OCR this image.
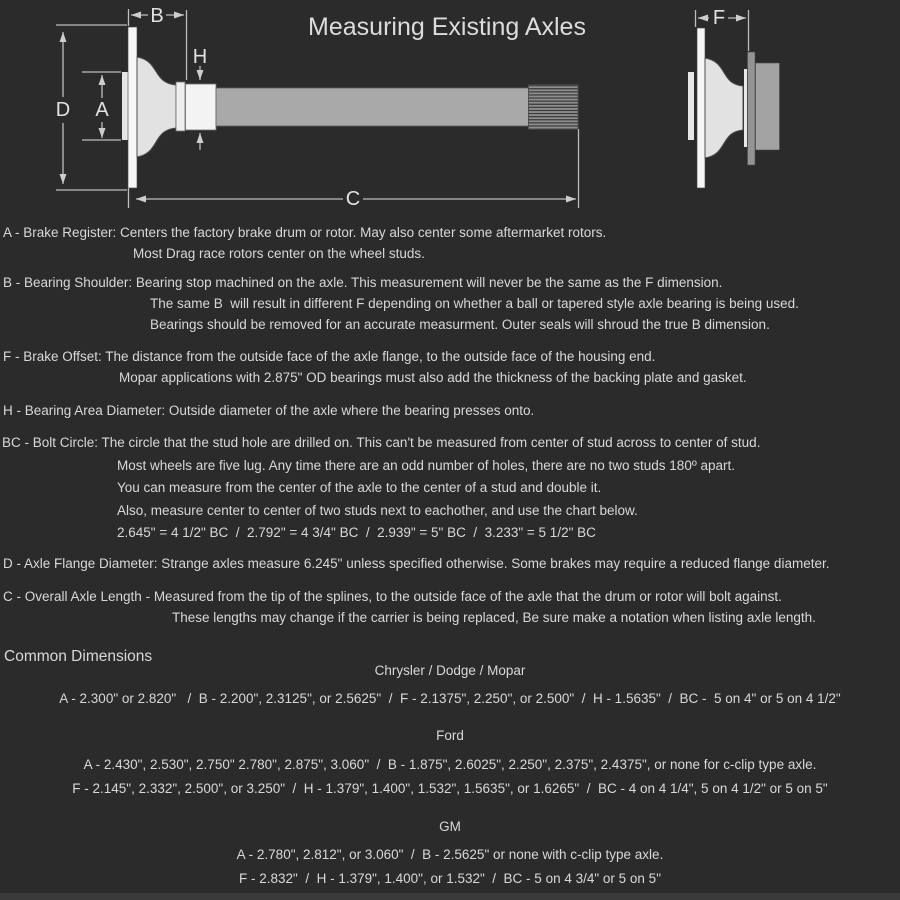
D A
B
H
C
F
Measuring Existing Axles
A - Brake Register: Centers the factory brake drum or rotor. May also center some aftermarket rotors.
Most Drag race rotors center on the wheel studs.
B - Bearing Shoulder: Bearing stop machined on the axle. This measurement will never be the same as the F dimension.
The same B  will result in different F depending on whether a ball or tapered style axle bearing is being used.
Bearings should be removed for an accurate measurment. Outer seals will shroud the true B dimension.
F - Brake Offset: The distance from the outside face of the axle flange, to the outside face of the housing end.
Mopar applications with 2.875" OD bearings must also add the thickness of the backing plate and gasket.
H - Bearing Area Diameter: Outside diameter of the axle where the bearing presses onto.
BC - Bolt Circle: The circle that the stud hole are drilled on. This can't be measured from center of stud across to center of stud.
Most wheels are five lug. Any time there are an odd number of holes, there are no two studs 180º apart.
You can measure from the center of the axle to the center of a stud and double it.
Also, measure center to center of two studs next to eachother, and use the chart below.
2.645" = 4 1/2" BC  /  2.792" = 4 3/4" BC  /  2.939" = 5" BC  /  3.233" = 5 1/2" BC
D - Axle Flange Diameter: Strange axles measure 6.245" unless specified otherwise. Some brakes may require a reduced flange diameter.
C - Overall Axle Length - Measured from the tip of the splines, to the outside face of the axle that the drum or rotor will bolt against.
These lengths may change if the carrier is being replaced, Be sure make a notation when listing axle length.
Common Dimensions
Chrysler / Dodge / Mopar
A - 2.300" or 2.820"   /  B - 2.200", 2.3125", or 2.5625"  /  F - 2.1375", 2.250", or 2.500"  /  H - 1.5635"  /  BC -  5 on 4" or 5 on 4 1/2"
Ford
A - 2.430", 2.530", 2.750" 2.780", 2.875", 3.060"  /  B - 1.875", 2.6025", 2.250", 2.375", 2.4375", or none for c-clip type axle.
F - 2.145", 2.332", 2.500", or 3.250"  /  H - 1.379", 1.400", 1.532", 1.5635", or 1.6265"  /  BC - 4 on 4 1/4", 5 on 4 1/2" or 5 on 5"
GM
A - 2.780", 2.812", or 3.060"  /  B - 2.5625" or none with c-clip type axle.
F - 2.832"  /  H - 1.379", 1.400", or 1.532"  /  BC - 5 on 4 3/4" or 5 on 5"
